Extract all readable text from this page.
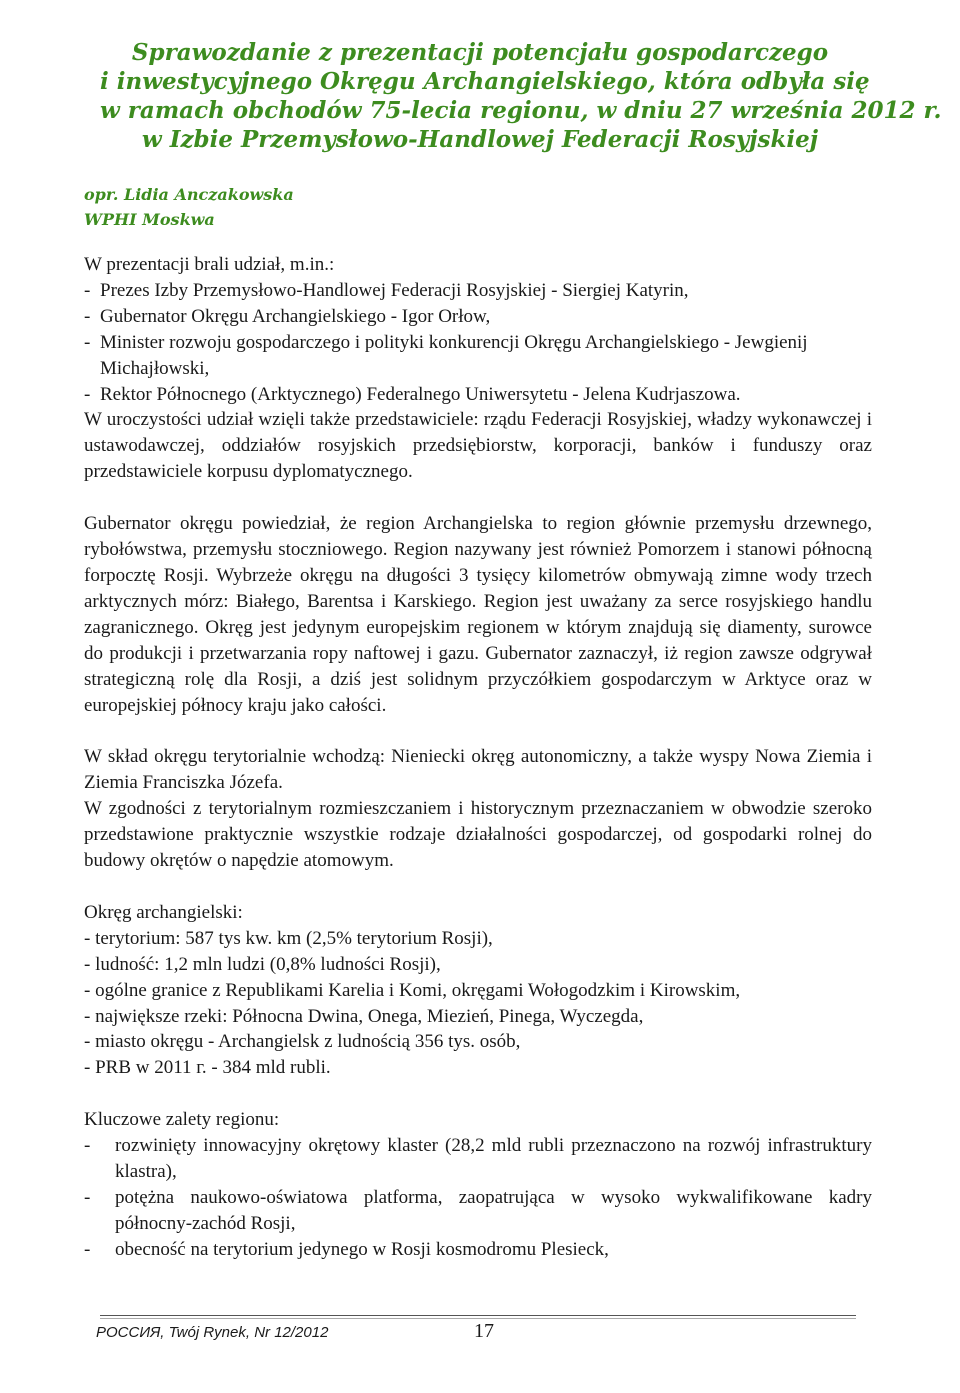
Sprawozdanie z prezentacji potencjału gospodarczego
i inwestycyjnego Okręgu Archangielskiego, która odbyła się
w ramach obchodów 75-lecia regionu, w dniu 27 września 2012 r.
w Izbie Przemysłowo-Handlowej Federacji Rosyjskiej
opr. Lidia Anczakowska
WPHI Moskwa
W prezentacji brali udział, m.in.:
- Prezes Izby Przemysłowo-Handlowej Federacji Rosyjskiej - Siergiej Katyrin,
- Gubernator Okręgu Archangielskiego - Igor Orłow,
- Minister rozwoju gospodarczego i polityki konkurencji Okręgu Archangielskiego - Jewgienij Michajłowski,
- Rektor Północnego (Arktycznego) Federalnego Uniwersytetu - Jelena Kudrjaszowa.
W uroczystości udział wzięli także przedstawiciele: rządu Federacji Rosyjskiej, władzy wykonawczej i ustawodawczej, oddziałów rosyjskich przedsiębiorstw, korporacji, banków i funduszy oraz przedstawiciele korpusu dyplomatycznego.
Gubernator okręgu powiedział, że region Archangielska to region głównie przemysłu drzewnego, rybołówstwa, przemysłu stoczniowego. Region nazywany jest również Pomorzem i stanowi północną forpocztę Rosji. Wybrzeże okręgu na długości 3 tysięcy kilometrów obmywają zimne wody trzech arktycznych mórz: Białego, Barentsa i Karskiego. Region jest uważany za serce rosyjskiego handlu zagranicznego. Okręg jest jedynym europejskim regionem w którym znajdują się diamenty, surowce do produkcji i przetwarzania ropy naftowej i gazu. Gubernator zaznaczył, iż region zawsze odgrywał strategiczną rolę dla Rosji, a dziś jest solidnym przyczółkiem gospodarczym w Arktyce oraz w europejskiej północy kraju jako całości.
W skład okręgu terytorialnie wchodzą: Nieniecki okręg autonomiczny, a także wyspy Nowa Ziemia i Ziemia Franciszka Józefa.
W zgodności z terytorialnym rozmieszczaniem i historycznym przeznaczaniem w obwodzie szeroko przedstawione praktycznie wszystkie rodzaje działalności gospodarczej, od gospodarki rolnej do budowy okrętów o napędzie atomowym.
Okręg archangielski:
- terytorium: 587 tys kw. km (2,5% terytorium Rosji),
- ludność: 1,2 mln ludzi (0,8% ludności Rosji),
- ogólne granice z Republikami Karelia i Komi, okręgami Wołogodzkim i Kirowskim,
- największe rzeki: Północna Dwina, Onega, Miezień, Pinega, Wyczegda,
- miasto okręgu - Archangielsk z ludnością 356 tys. osób,
- PRB w 2011 г. - 384 mld rubli.
Kluczowe zalety regionu:
-	rozwinięty innowacyjny okrętowy klaster (28,2 mld rubli przeznaczono na rozwój infrastruktury klastra),
-	potężna naukowo-oświatowa platforma, zaopatrująca w wysoko wykwalifikowane kadry północny-zachód Rosji,
-	obecność na terytorium jedynego w Rosji kosmodromu Plesieck,
РОССИЯ, Twój Rynek, Nr 12/2012	17
